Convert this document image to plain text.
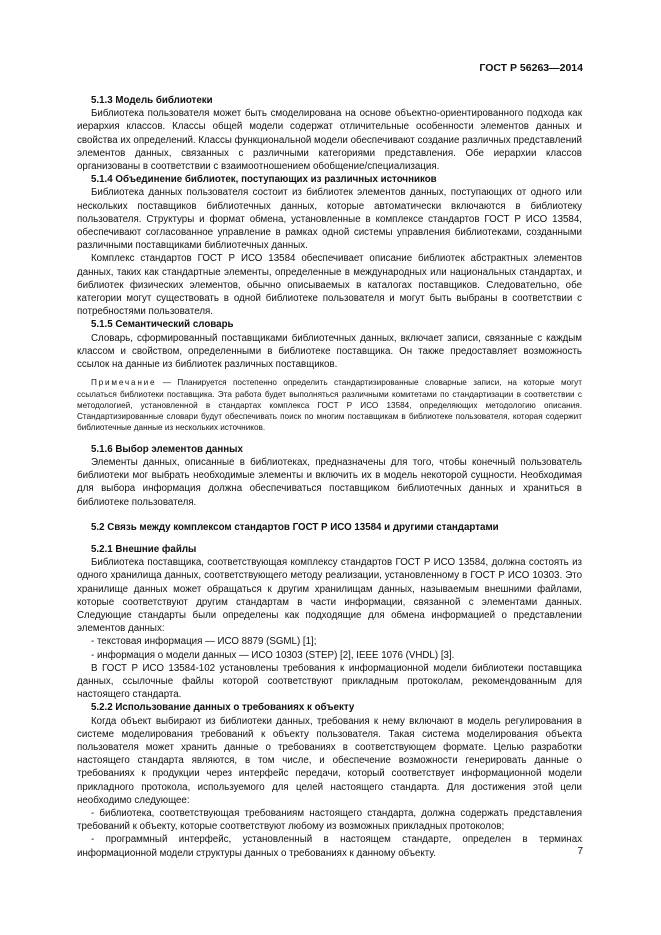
ГОСТ Р 56263—2014

5.1.3 Модель библиотеки

Библиотека пользователя может быть смоделирована на основе объектно-ориентированного подхода как иерархия классов. Классы общей модели содержат отличительные особенности элементов данных и свойства их определений. Классы функциональной модели обеспечивают создание различных представлений элементов данных, связанных с различными категориями представления. Обе иерархии классов организованы в соответствии с взаимоотношением обобщение/специализация.

5.1.4 Объединение библиотек, поступающих из различных источников

Библиотека данных пользователя состоит из библиотек элементов данных, поступающих от одного или нескольких поставщиков библиотечных данных, которые автоматически включаются в библиотеку пользователя. Структуры и формат обмена, установленные в комплексе стандартов ГОСТ Р ИСО 13584, обеспечивают согласованное управление в рамках одной системы управления библиотеками, созданными различными поставщиками библиотечных данных.

Комплекс стандартов ГОСТ Р ИСО 13584 обеспечивает описание библиотек абстрактных элементов данных, таких как стандартные элементы, определенные в международных или национальных стандартах, и библиотек физических элементов, обычно описываемых в каталогах поставщиков. Следовательно, обе категории могут существовать в одной библиотеке пользователя и могут быть выбраны в соответствии с потребностями пользователя.

5.1.5 Семантический словарь

Словарь, сформированный поставщиками библиотечных данных, включает записи, связанные с каждым классом и свойством, определенными в библиотеке поставщика. Он также предоставляет возможность ссылок на данные из библиотек различных поставщиков.

Примечание — Планируется постепенно определить стандартизированные словарные записи, на которые могут ссылаться библиотеки поставщика. Эта работа будет выполняться различными комитетами по стандартизации в соответствии с методологией, установленной в стандартах комплекса ГОСТ Р ИСО 13584, определяющих методологию описания. Стандартизированные словари будут обеспечивать поиск по многим поставщикам в библиотеке пользователя, которая содержит библиотечные данные из нескольких источников.

5.1.6 Выбор элементов данных

Элементы данных, описанные в библиотеках, предназначены для того, чтобы конечный пользователь библиотеки мог выбрать необходимые элементы и включить их в модель некоторой сущности. Необходимая для выбора информация должна обеспечиваться поставщиком библиотечных данных и храниться в библиотеке пользователя.

5.2 Связь между комплексом стандартов ГОСТ Р ИСО 13584 и другими стандартами

5.2.1 Внешние файлы

Библиотека поставщика, соответствующая комплексу стандартов ГОСТ Р ИСО 13584, должна состоять из одного хранилища данных, соответствующего методу реализации, установленному в ГОСТ Р ИСО 10303. Это хранилище данных может обращаться к другим хранилищам данных, называемым внешними файлами, которые соответствуют другим стандартам в части информации, связанной с элементами данных. Следующие стандарты были определены как подходящие для обмена информацией о представлении элементов данных:

- текстовая информация — ИСО 8879 (SGML) [1];

- информация о модели данных — ИСО 10303 (STEP) [2], IEEE 1076 (VHDL) [3].

В ГОСТ Р ИСО 13584-102 установлены требования к информационной модели библиотеки поставщика данных, ссылочные файлы которой соответствуют прикладным протоколам, рекомендованным для настоящего стандарта.

5.2.2 Использование данных о требованиях к объекту

Когда объект выбирают из библиотеки данных, требования к нему включают в модель регулирования в системе моделирования требований к объекту пользователя. Такая система моделирования объекта пользователя может хранить данные о требованиях в соответствующем формате. Целью разработки настоящего стандарта являются, в том числе, и обеспечение возможности генерировать данные о требованиях к продукции через интерфейс передачи, который соответствует информационной модели прикладного протокола, используемого для целей настоящего стандарта. Для достижения этой цели необходимо следующее:

- библиотека, соответствующая требованиям настоящего стандарта, должна содержать представления требований к объекту, которые соответствуют любому из возможных прикладных протоколов;

- программный интерфейс, установленный в настоящем стандарте, определен в терминах информационной модели структуры данных о требованиях к данному объекту.	7
